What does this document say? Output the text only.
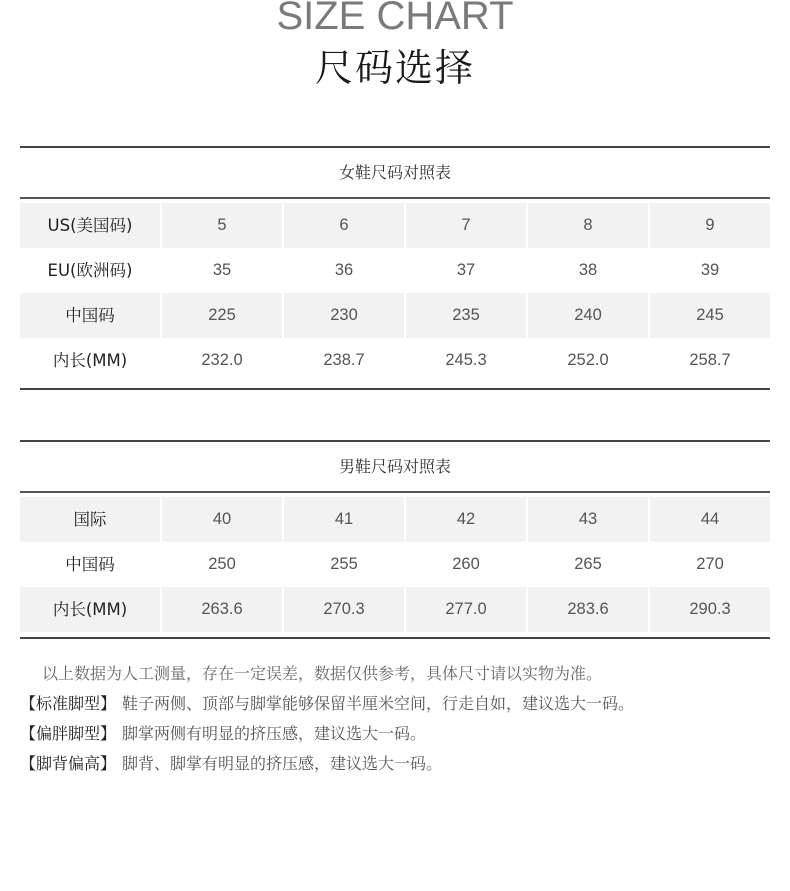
SIZE CHART
尺码选择
女鞋尺码对照表
US(美国码)	5	6	7	8	9
EU(欧洲码)	35	36	37	38	39
中国码	225	230	235	240	245
内长(MM)	232.0	238.7	245.3	252.0	258.7
男鞋尺码对照表
国际	40	41	42	43	44
中国码	250	255	260	265	270
内长(MM)	263.6	270.3	277.0	283.6	290.3
以上数据为人工测量，存在一定误差，数据仅供参考，具体尺寸请以实物为准。
【标准脚型】 鞋子两侧、顶部与脚掌能够保留半厘米空间，行走自如，建议选大一码。
【偏胖脚型】 脚掌两侧有明显的挤压感，建议选大一码。
【脚背偏高】 脚背、脚掌有明显的挤压感，建议选大一码。
